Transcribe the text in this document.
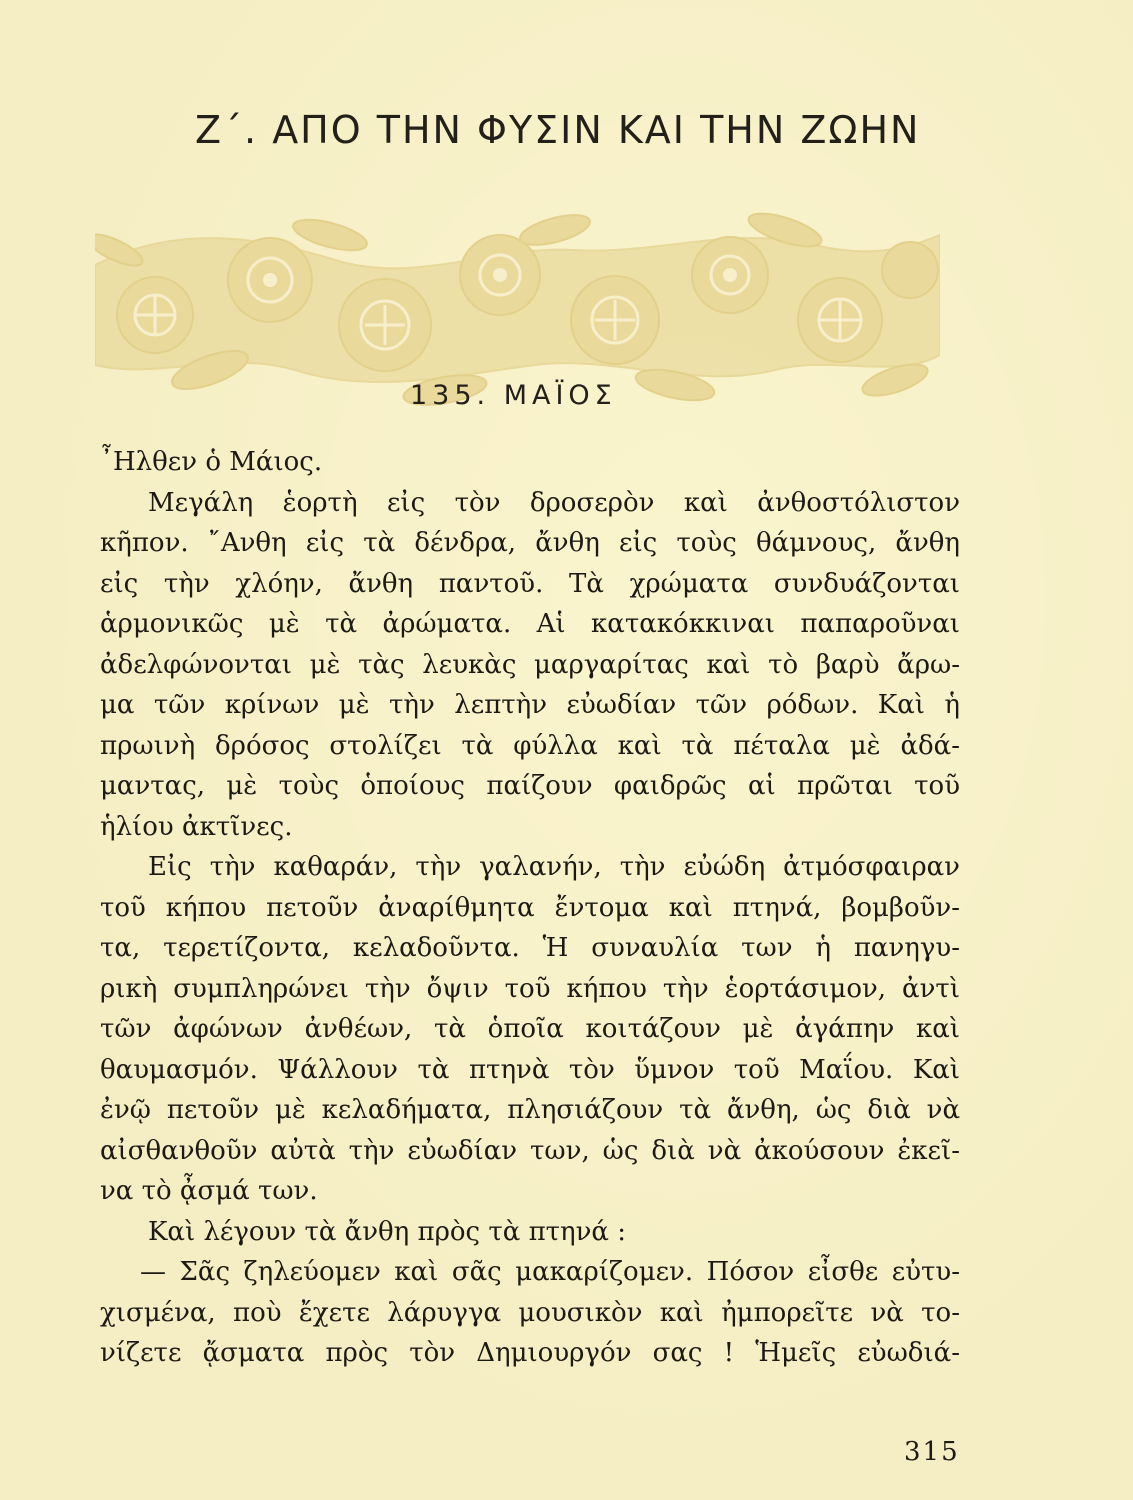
Ζ΄. ΑΠΟ ΤΗΝ ΦΥΣΙΝ ΚΑΙ ΤΗΝ ΖΩΗΝ
135. ΜΑΪΟΣ
῏Ηλθεν ὁ Μάιος.
Μεγάλη ἑορτὴ εἰς τὸν δροσερὸν καὶ ἀνθοστόλιστον
κῆπον. ῎Ανθη εἰς τὰ δένδρα, ἄνθη εἰς τοὺς θάμνους, ἄνθη
εἰς τὴν χλόην, ἄνθη παντοῦ. Τὰ χρώματα συνδυάζονται
ἁρμονικῶς μὲ τὰ ἀρώματα. Αἱ κατακόκκιναι παπαροῦναι
ἀδελφώνονται μὲ τὰς λευκὰς μαργαρίτας καὶ τὸ βαρὺ ἄρω-
μα τῶν κρίνων μὲ τὴν λεπτὴν εὐωδίαν τῶν ρόδων. Καὶ ἡ
πρωινὴ δρόσος στολίζει τὰ φύλλα καὶ τὰ πέταλα μὲ ἀδά-
μαντας, μὲ τοὺς ὁποίους παίζουν φαιδρῶς αἱ πρῶται τοῦ
ἡλίου ἀκτῖνες.
Εἰς τὴν καθαράν, τὴν γαλανήν, τὴν εὐώδη ἀτμόσφαιραν
τοῦ κήπου πετοῦν ἀναρίθμητα ἔντομα καὶ πτηνά, βομβοῦν-
τα, τερετίζοντα, κελαδοῦντα. Ἡ συναυλία των ἡ πανηγυ-
ρικὴ συμπληρώνει τὴν ὄψιν τοῦ κήπου τὴν ἑορτάσιμον, ἀντὶ
τῶν ἀφώνων ἀνθέων, τὰ ὁποῖα κοιτάζουν μὲ ἀγάπην καὶ
θαυμασμόν. Ψάλλουν τὰ πτηνὰ τὸν ὕμνον τοῦ Μαΐου. Καὶ
ἐνῷ πετοῦν μὲ κελαδήματα, πλησιάζουν τὰ ἄνθη, ὡς διὰ νὰ
αἰσθανθοῦν αὐτὰ τὴν εὐωδίαν των, ὡς διὰ νὰ ἀκούσουν ἐκεῖ-
να τὸ ᾆσμά των.
Καὶ λέγουν τὰ ἄνθη πρὸς τὰ πτηνά :
— Σᾶς ζηλεύομεν καὶ σᾶς μακαρίζομεν. Πόσον εἶσθε εὐτυ-
χισμένα, ποὺ ἔχετε λάρυγγα μουσικὸν καὶ ἠμπορεῖτε νὰ το-
νίζετε ᾄσματα πρὸς τὸν Δημιουργόν σας ! Ἡμεῖς εὐωδιά-
315
